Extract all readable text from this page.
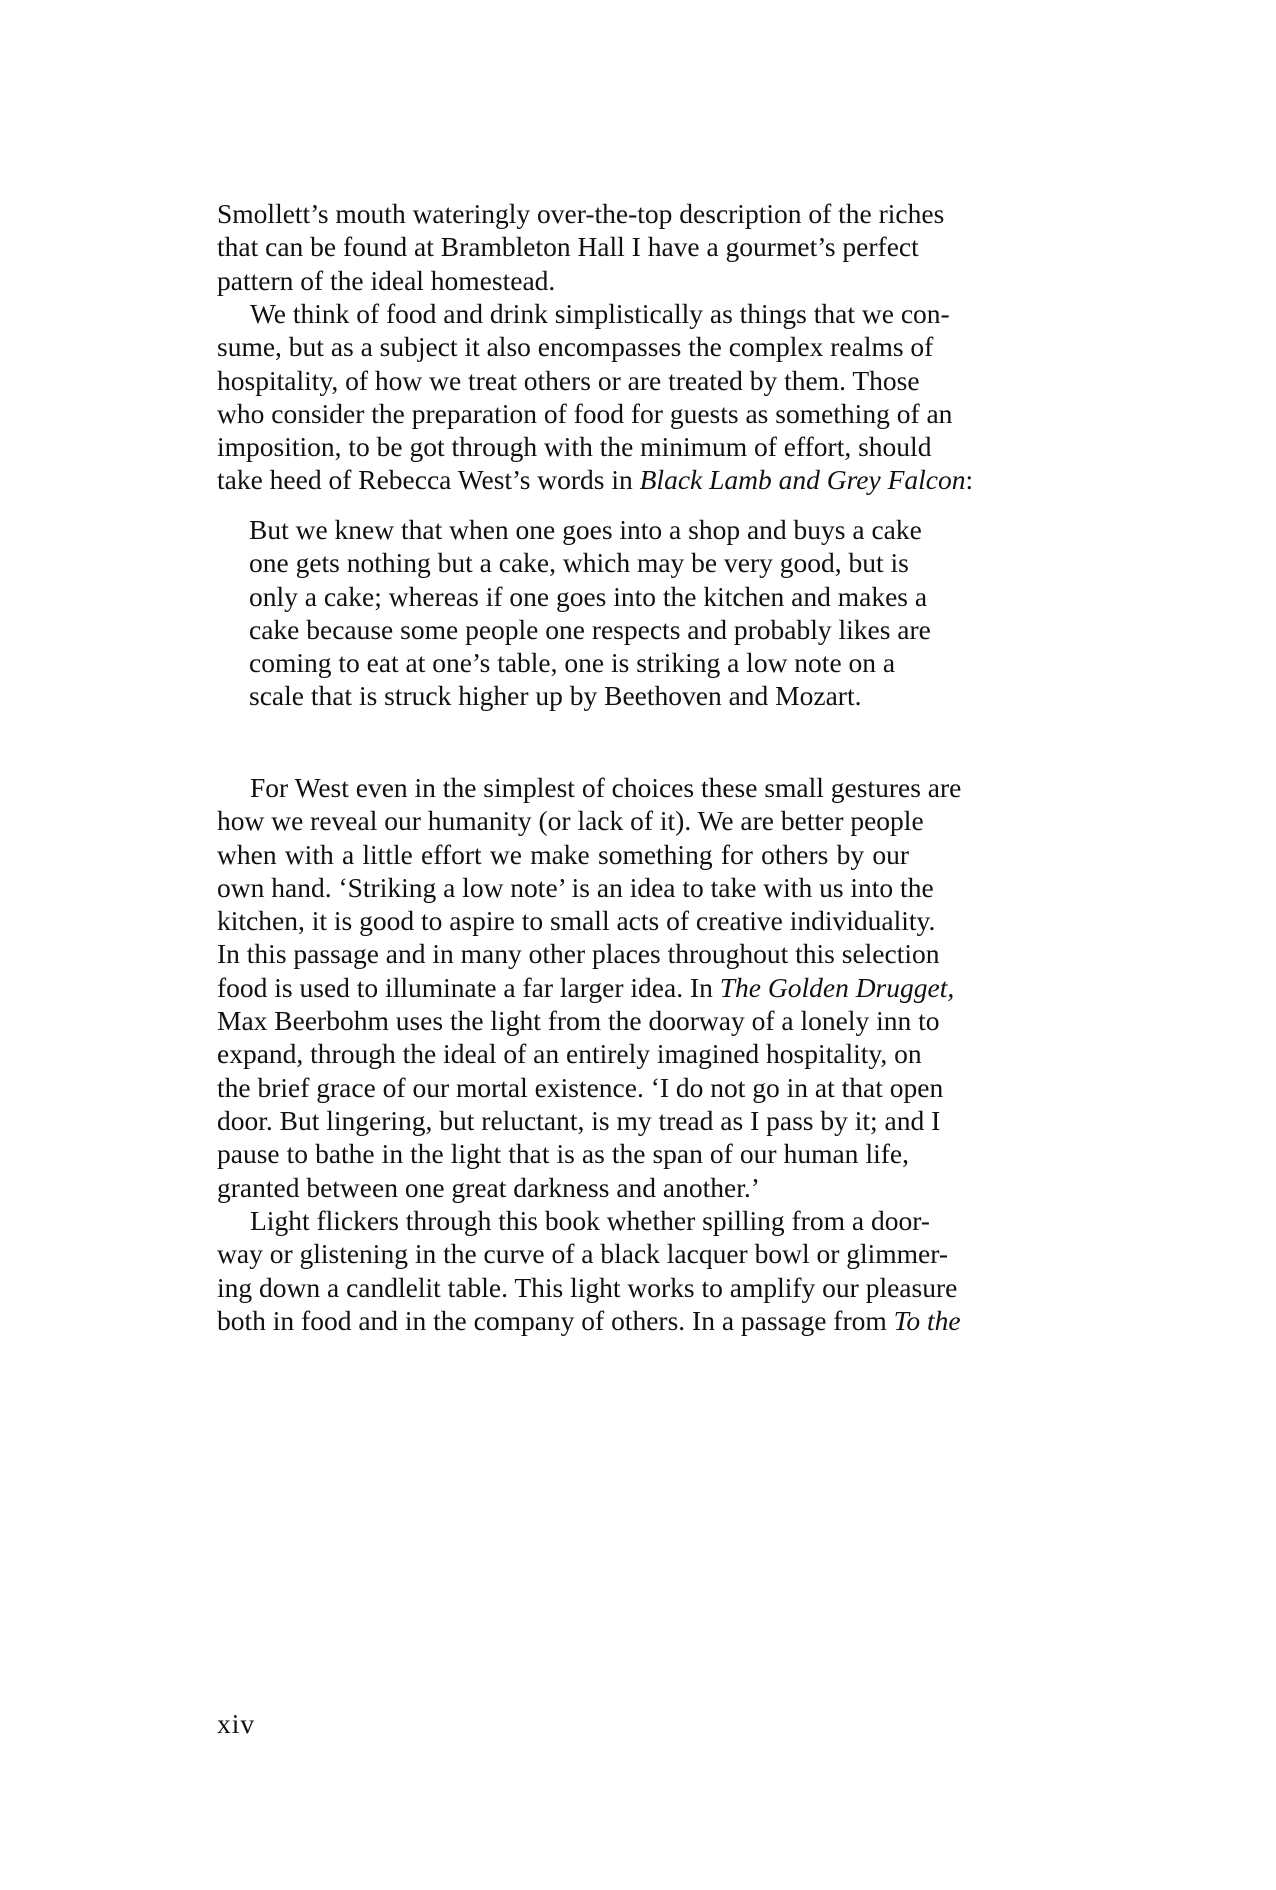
Smollett’s mouth wateringly over-the-top description of the riches
that can be found at Brambleton Hall I have a gourmet’s perfect
pattern of the ideal homestead.
We think of food and drink simplistically as things that we con-
sume, but as a subject it also encompasses the complex realms of
hospitality, of how we treat others or are treated by them. Those
who consider the preparation of food for guests as something of an
imposition, to be got through with the minimum of effort, should
take heed of Rebecca West’s words in Black Lamb and Grey Falcon:
But we knew that when one goes into a shop and buys a cake
one gets nothing but a cake, which may be very good, but is
only a cake; whereas if one goes into the kitchen and makes a
cake because some people one respects and probably likes are
coming to eat at one’s table, one is striking a low note on a
scale that is struck higher up by Beethoven and Mozart.
For West even in the simplest of choices these small gestures are
how we reveal our humanity (or lack of it). We are better people
when with a little effort we make something for others by our
own hand. ‘Striking a low note’ is an idea to take with us into the
kitchen, it is good to aspire to small acts of creative individuality.
In this passage and in many other places throughout this selection
food is used to illuminate a far larger idea. In The Golden Drugget,
Max Beerbohm uses the light from the doorway of a lonely inn to
expand, through the ideal of an entirely imagined hospitality, on
the brief grace of our mortal existence. ‘I do not go in at that open
door. But lingering, but reluctant, is my tread as I pass by it; and I
pause to bathe in the light that is as the span of our human life,
granted between one great darkness and another.’
Light flickers through this book whether spilling from a door-
way or glistening in the curve of a black lacquer bowl or glimmer-
ing down a candlelit table. This light works to amplify our pleasure
both in food and in the company of others. In a passage from To the
xiv
